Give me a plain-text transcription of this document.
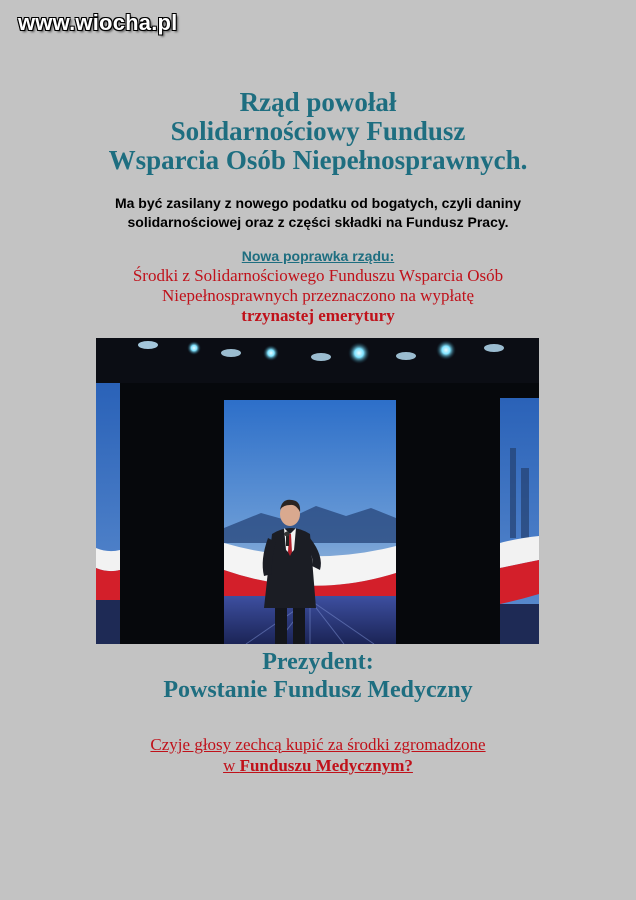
www.wiocha.pl
Rząd powołał
Solidarnościowy Fundusz
Wsparcia Osób Niepełnosprawnych.
Ma być zasilany z nowego podatku od bogatych, czyli daniny
solidarnościowej oraz z części składki na Fundusz Pracy.
Nowa poprawka rządu:
Środki z Solidarnościowego Funduszu Wsparcia Osób
Niepełnosprawnych przeznaczono na wypłatę
trzynastej emerytury
Prezydent:
Powstanie Fundusz Medyczny
Czyje głosy zechcą kupić za środki zgromadzone
w Funduszu Medycznym?
